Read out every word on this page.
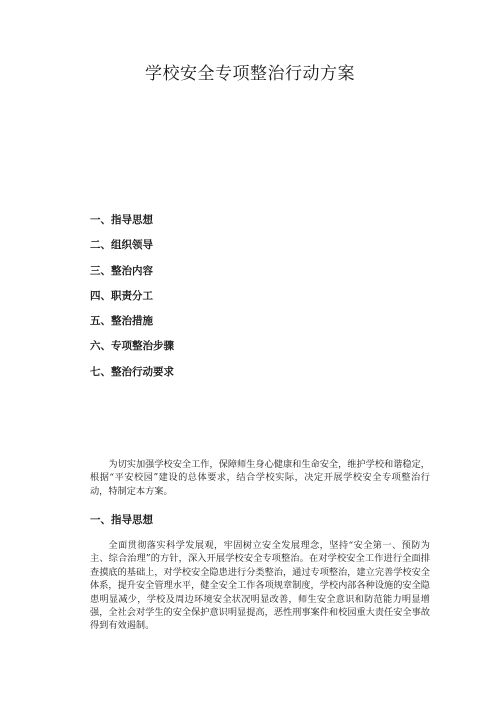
学校安全专项整治行动方案
一、指导思想
二、组织领导
三、整治内容
四、职责分工
五、整治措施
六、专项整治步骤
七、整治行动要求

为切实加强学校安全工作，保障师生身心健康和生命安全，维护学校和谐稳定，根据“平安校园”建设的总体要求，结合学校实际，决定开展学校安全专项整治行动，特制定本方案。

一、指导思想

全面贯彻落实科学发展观，牢固树立安全发展理念，坚持“安全第一、预防为主、综合治理”的方针，深入开展学校安全专项整治。在对学校安全工作进行全面排查摸底的基础上，对学校安全隐患进行分类整治，通过专项整治，建立完善学校安全体系，提升安全管理水平，健全安全工作各项规章制度，学校内部各种设施的安全隐患明显减少，学校及周边环境安全状况明显改善，师生安全意识和防范能力明显增强，全社会对学生的安全保护意识明显提高，恶性刑事案件和校园重大责任安全事故得到有效遏制。
